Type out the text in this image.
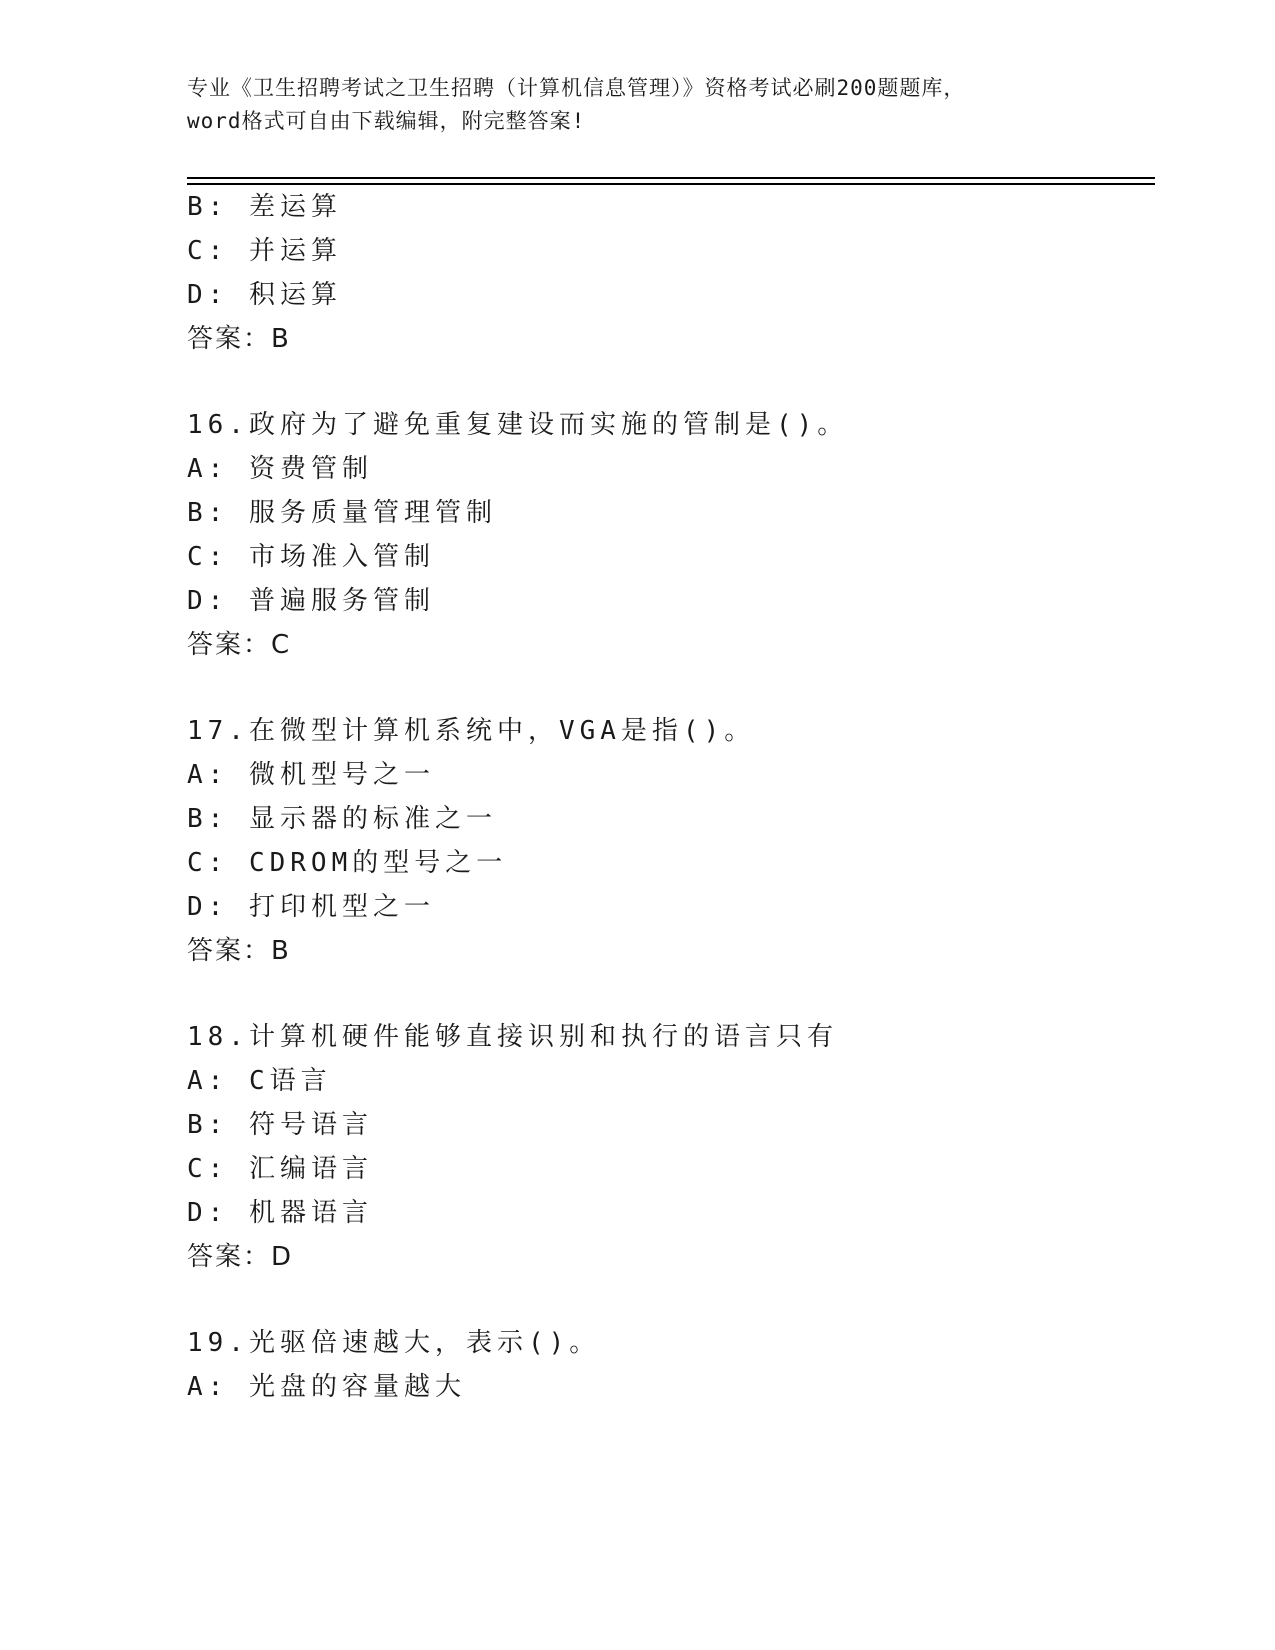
专业《卫生招聘考试之卫生招聘（计算机信息管理）》资格考试必刷200题题库，
word格式可自由下载编辑，附完整答案!
B: 差运算
C: 并运算
D: 积运算
答案：B
16.政府为了避免重复建设而实施的管制是()。
A: 资费管制
B: 服务质量管理管制
C: 市场准入管制
D: 普遍服务管制
答案：C
17.在微型计算机系统中，VGA是指()。
A: 微机型号之一
B: 显示器的标准之一
C: CDROM的型号之一
D: 打印机型之一
答案：B
18.计算机硬件能够直接识别和执行的语言只有
A: C语言
B: 符号语言
C: 汇编语言
D: 机器语言
答案：D
19.光驱倍速越大，表示()。
A: 光盘的容量越大
